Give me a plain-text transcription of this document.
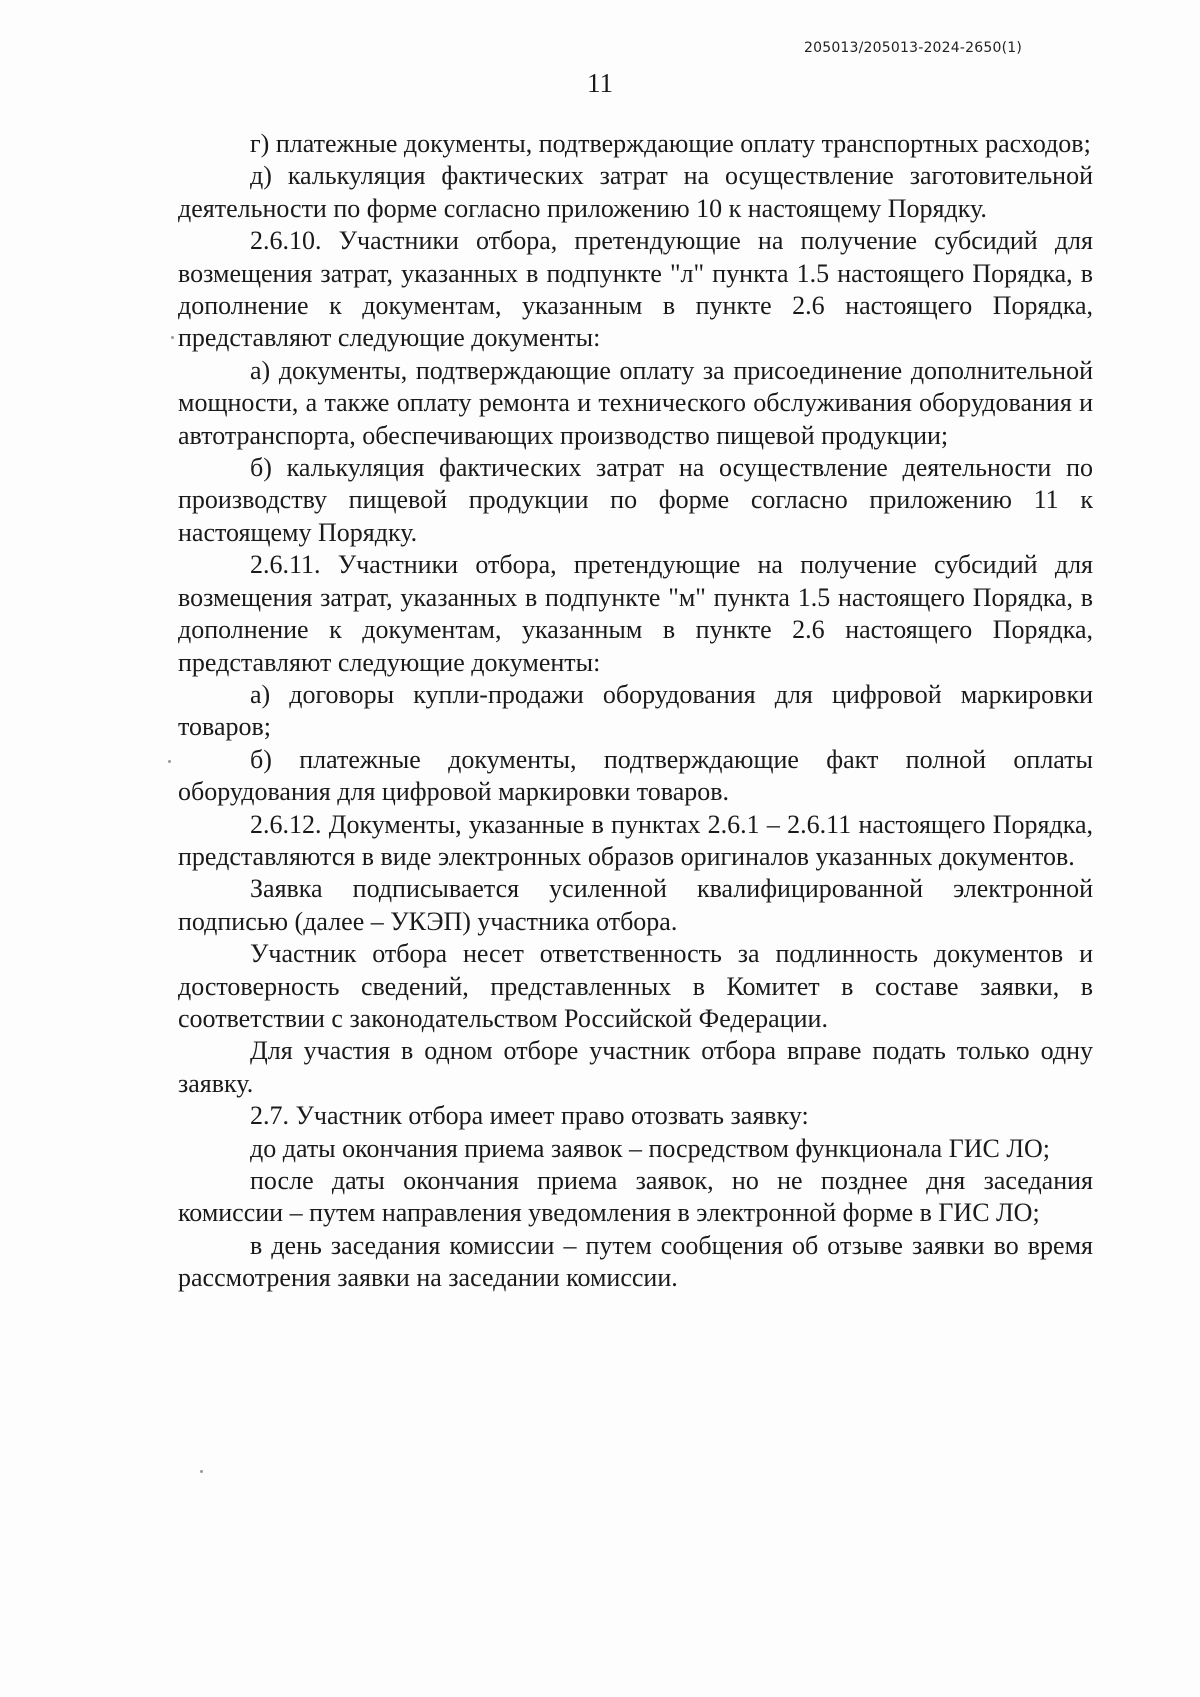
205013/205013-2024-2650(1)
11

г) платежные документы, подтверждающие оплату транспортных расходов;

д) калькуляция фактических затрат на осуществление заготовительной деятельности по форме согласно приложению 10 к настоящему Порядку.

2.6.10. Участники отбора, претендующие на получение субсидий для возмещения затрат, указанных в подпункте "л" пункта 1.5 настоящего Порядка, в дополнение к документам, указанным в пункте 2.6 настоящего Порядка, представляют следующие документы:

а) документы, подтверждающие оплату за присоединение дополнительной мощности, а также оплату ремонта и технического обслуживания оборудования и автотранспорта, обеспечивающих производство пищевой продукции;

б) калькуляция фактических затрат на осуществление деятельности по производству пищевой продукции по форме согласно приложению 11 к настоящему Порядку.

2.6.11. Участники отбора, претендующие на получение субсидий для возмещения затрат, указанных в подпункте "м" пункта 1.5 настоящего Порядка, в дополнение к документам, указанным в пункте 2.6 настоящего Порядка, представляют следующие документы:

а) договоры купли-продажи оборудования для цифровой маркировки товаров;

б) платежные документы, подтверждающие факт полной оплаты оборудования для цифровой маркировки товаров.

2.6.12. Документы, указанные в пунктах 2.6.1 – 2.6.11 настоящего Порядка, представляются в виде электронных образов оригиналов указанных документов.

Заявка подписывается усиленной квалифицированной электронной подписью (далее – УКЭП) участника отбора.

Участник отбора несет ответственность за подлинность документов и достоверность сведений, представленных в Комитет в составе заявки, в соответствии с законодательством Российской Федерации.

Для участия в одном отборе участник отбора вправе подать только одну заявку.

2.7. Участник отбора имеет право отозвать заявку:

до даты окончания приема заявок – посредством функционала ГИС ЛО;

после даты окончания приема заявок, но не позднее дня заседания комиссии – путем направления уведомления в электронной форме в ГИС ЛО;

в день заседания комиссии – путем сообщения об отзыве заявки во время рассмотрения заявки на заседании комиссии.
